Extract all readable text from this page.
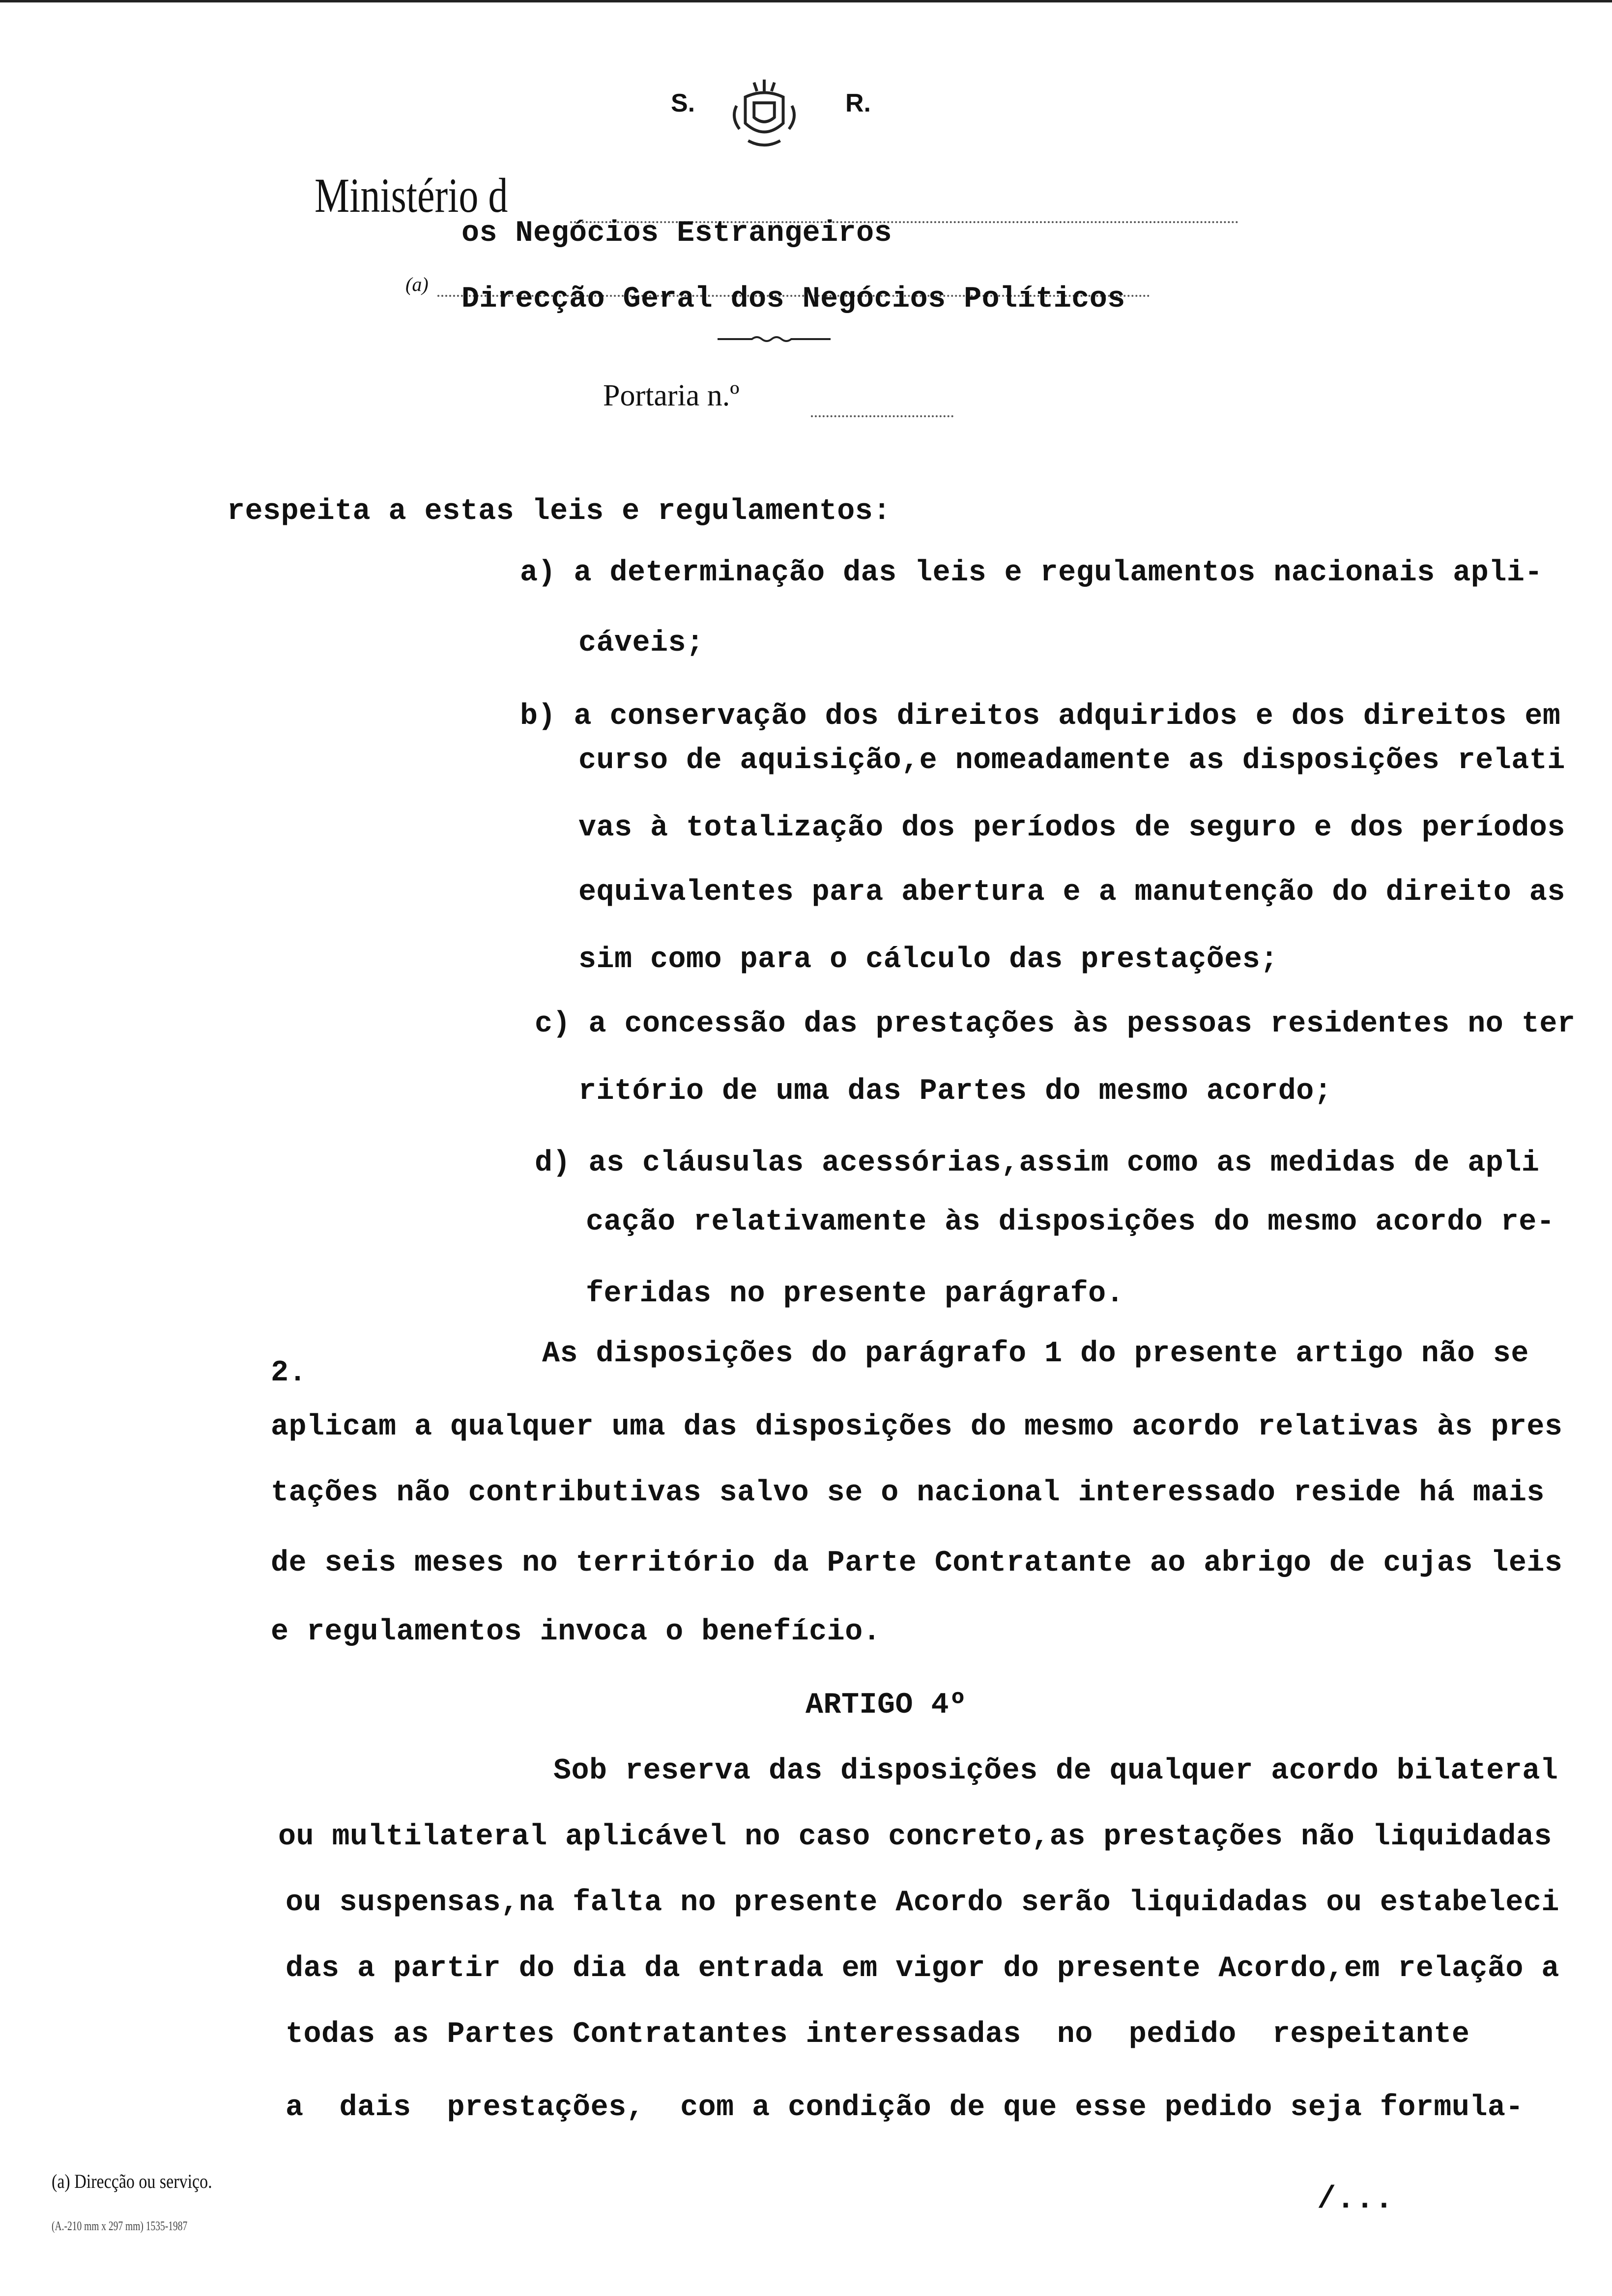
S.	R.
Ministério d
os Negócios Estrangeiros
(a) Direcção Geral dos Negócios Políticos
Portaria n.º
respeita a estas leis e regulamentos:
a) a determinação das leis e regulamentos nacionais apli-
cáveis;
b) a conservação dos direitos adquiridos e dos direitos em
curso de aquisição,e nomeadamente as disposições relati
vas à totalização dos períodos de seguro e dos períodos
equivalentes para abertura e a manutenção do direito as
sim como para o cálculo das prestações;
c) a concessão das prestações às pessoas residentes no ter
ritório de uma das Partes do mesmo acordo;
d) as cláusulas acessórias,assim como as medidas de apli
cação relativamente às disposições do mesmo acordo re-
feridas no presente parágrafo.
2.
As disposições do parágrafo 1 do presente artigo não se
aplicam a qualquer uma das disposições do mesmo acordo relativas às pres
tações não contributivas salvo se o nacional interessado reside há mais
de seis meses no território da Parte Contratante ao abrigo de cujas leis
e regulamentos invoca o benefício.
ARTIGO 4º
Sob reserva das disposições de qualquer acordo bilateral
ou multilateral aplicável no caso concreto,as prestações não liquidadas
ou suspensas,na falta no presente Acordo serão liquidadas ou estabeleci
das a partir do dia da entrada em vigor do presente Acordo,em relação a
todas as Partes Contratantes interessadas  no  pedido  respeitante
a  dais  prestações,  com a condição de que esse pedido seja formula-
(a) Direcção ou serviço.
(A.-210 mm x 297 mm) 1535-1987
/...
